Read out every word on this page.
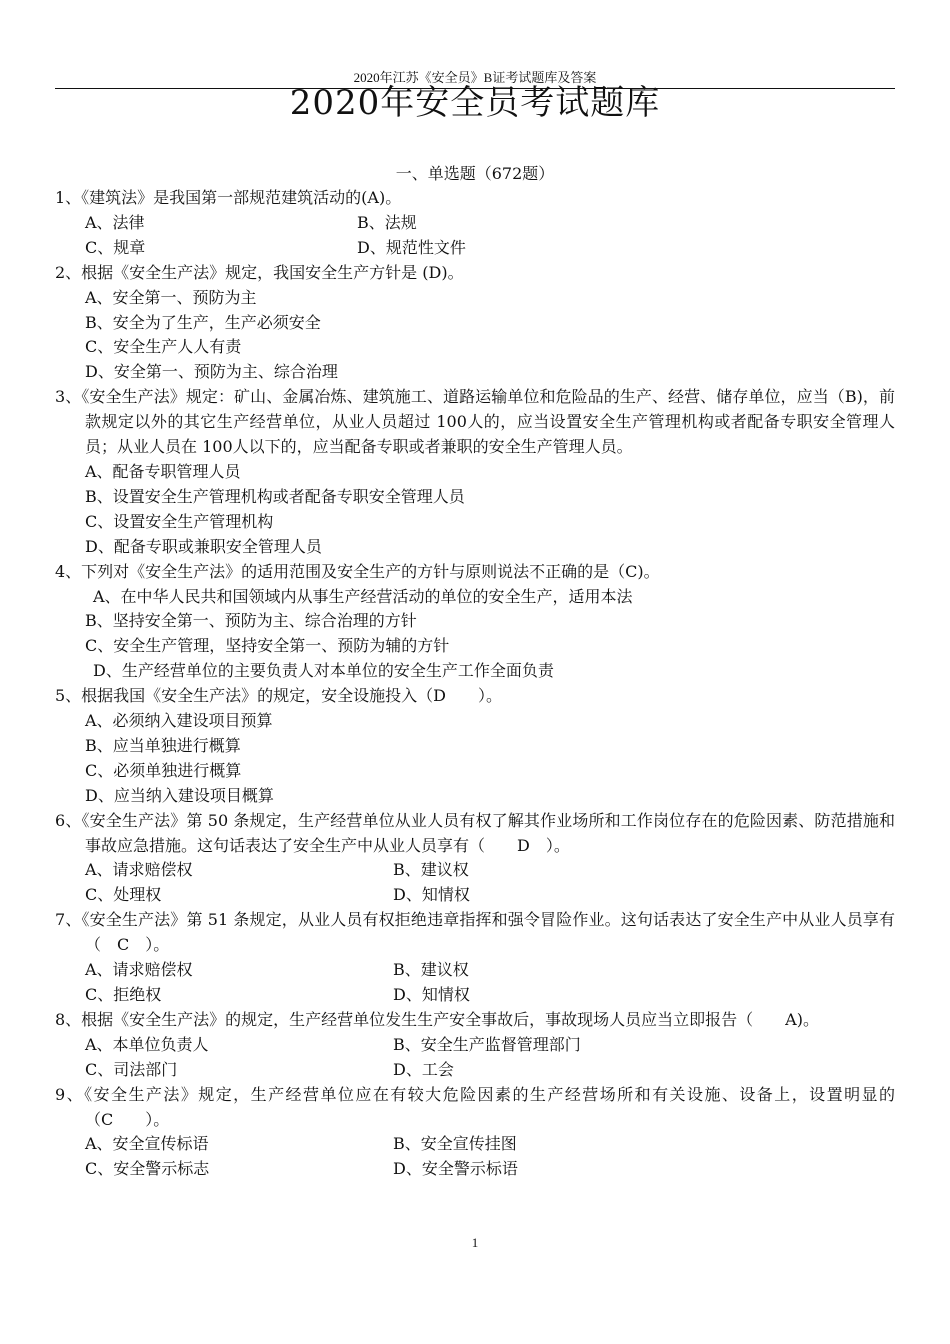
2020年江苏《安全员》B证考试题库及答案
2020年安全员考试题库
一、单选题（672题）

1、《建筑法》是我国第一部规范建筑活动的(A)。

A、法律	B、法规
C、规章	D、规范性文件

2、根据《安全生产法》规定，我国安全生产方针是 (D)。

A、安全第一、预防为主
B、安全为了生产，生产必须安全
C、安全生产人人有责
D、安全第一、预防为主、综合治理

3、《安全生产法》规定：矿山、金属冶炼、建筑施工、道路运输单位和危险品的生产、经营、储存单位，应当（B)，前款规定以外的其它生产经营单位，从业人员超过 100人的，应当设置安全生产管理机构或者配备专职安全管理人员；从业人员在 100人以下的，应当配备专职或者兼职的安全生产管理人员。

A、配备专职管理人员
B、设置安全生产管理机构或者配备专职安全管理人员
C、设置安全生产管理机构
D、配备专职或兼职安全管理人员

4、下列对《安全生产法》的适用范围及安全生产的方针与原则说法不正确的是（C)。

A、在中华人民共和国领域内从事生产经营活动的单位的安全生产，适用本法
B、坚持安全第一、预防为主、综合治理的方针
C、安全生产管理，坚持安全第一、预防为辅的方针
D、生产经营单位的主要负责人对本单位的安全生产工作全面负责

5、根据我国《安全生产法》的规定，安全设施投入（D　　）。

A、必须纳入建设项目预算
B、应当单独进行概算
C、必须单独进行概算
D、应当纳入建设项目概算

6、《安全生产法》第 50 条规定，生产经营单位从业人员有权了解其作业场所和工作岗位存在的危险因素、防范措施和事故应急措施。这句话表达了安全生产中从业人员享有（　　D　）。

A、请求赔偿权	B、建议权
C、处理权	D、知情权

7、《安全生产法》第 51 条规定，从业人员有权拒绝违章指挥和强令冒险作业。这句话表达了安全生产中从业人员享有（　C　）。

A、请求赔偿权	B、建议权
C、拒绝权	D、知情权

8、根据《安全生产法》的规定，生产经营单位发生生产安全事故后，事故现场人员应当立即报告（　　A)。

A、本单位负责人	B、安全生产监督管理部门
C、司法部门	D、工会

9、《安全生产法》规定，生产经营单位应在有较大危险因素的生产经营场所和有关设施、设备上，设置明显的（C　　）。

A、安全宣传标语	B、安全宣传挂图
C、安全警示标志	D、安全警示标语
1
